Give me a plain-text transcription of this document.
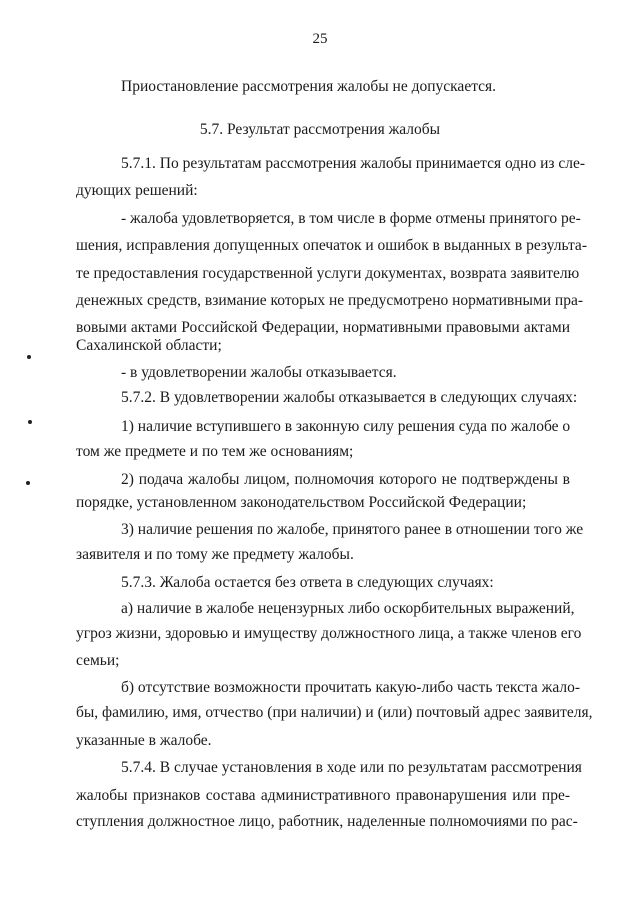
25
Приостановление рассмотрения жалобы не допускается.
5.7. Результат рассмотрения жалобы
5.7.1. По результатам рассмотрения жалобы принимается одно из сле-
дующих решений:
- жалоба удовлетворяется, в том числе в форме отмены принятого ре-
шения, исправления допущенных опечаток и ошибок в выданных в результа-
те предоставления государственной услуги документах, возврата заявителю
денежных средств, взимание которых не предусмотрено нормативными пра-
вовыми актами Российской Федерации, нормативными правовыми актами
Сахалинской области;
- в удовлетворении жалобы отказывается.
5.7.2. В удовлетворении жалобы отказывается в следующих случаях:
1) наличие вступившего в законную силу решения суда по жалобе о
том же предмете и по тем же основаниям;
2) подача жалобы лицом, полномочия которого не подтверждены в
порядке, установленном законодательством Российской Федерации;
3) наличие решения по жалобе, принятого ранее в отношении того же
заявителя и по тому же предмету жалобы.
5.7.3. Жалоба остается без ответа в следующих случаях:
а) наличие в жалобе нецензурных либо оскорбительных выражений,
угроз жизни, здоровью и имуществу должностного лица, а также членов его
семьи;
б) отсутствие возможности прочитать какую-либо часть текста жало-
бы, фамилию, имя, отчество (при наличии) и (или) почтовый адрес заявителя,
указанные в жалобе.
5.7.4. В случае установления в ходе или по результатам рассмотрения
жалобы признаков состава административного правонарушения или пре-
ступления должностное лицо, работник, наделенные полномочиями по рас-
